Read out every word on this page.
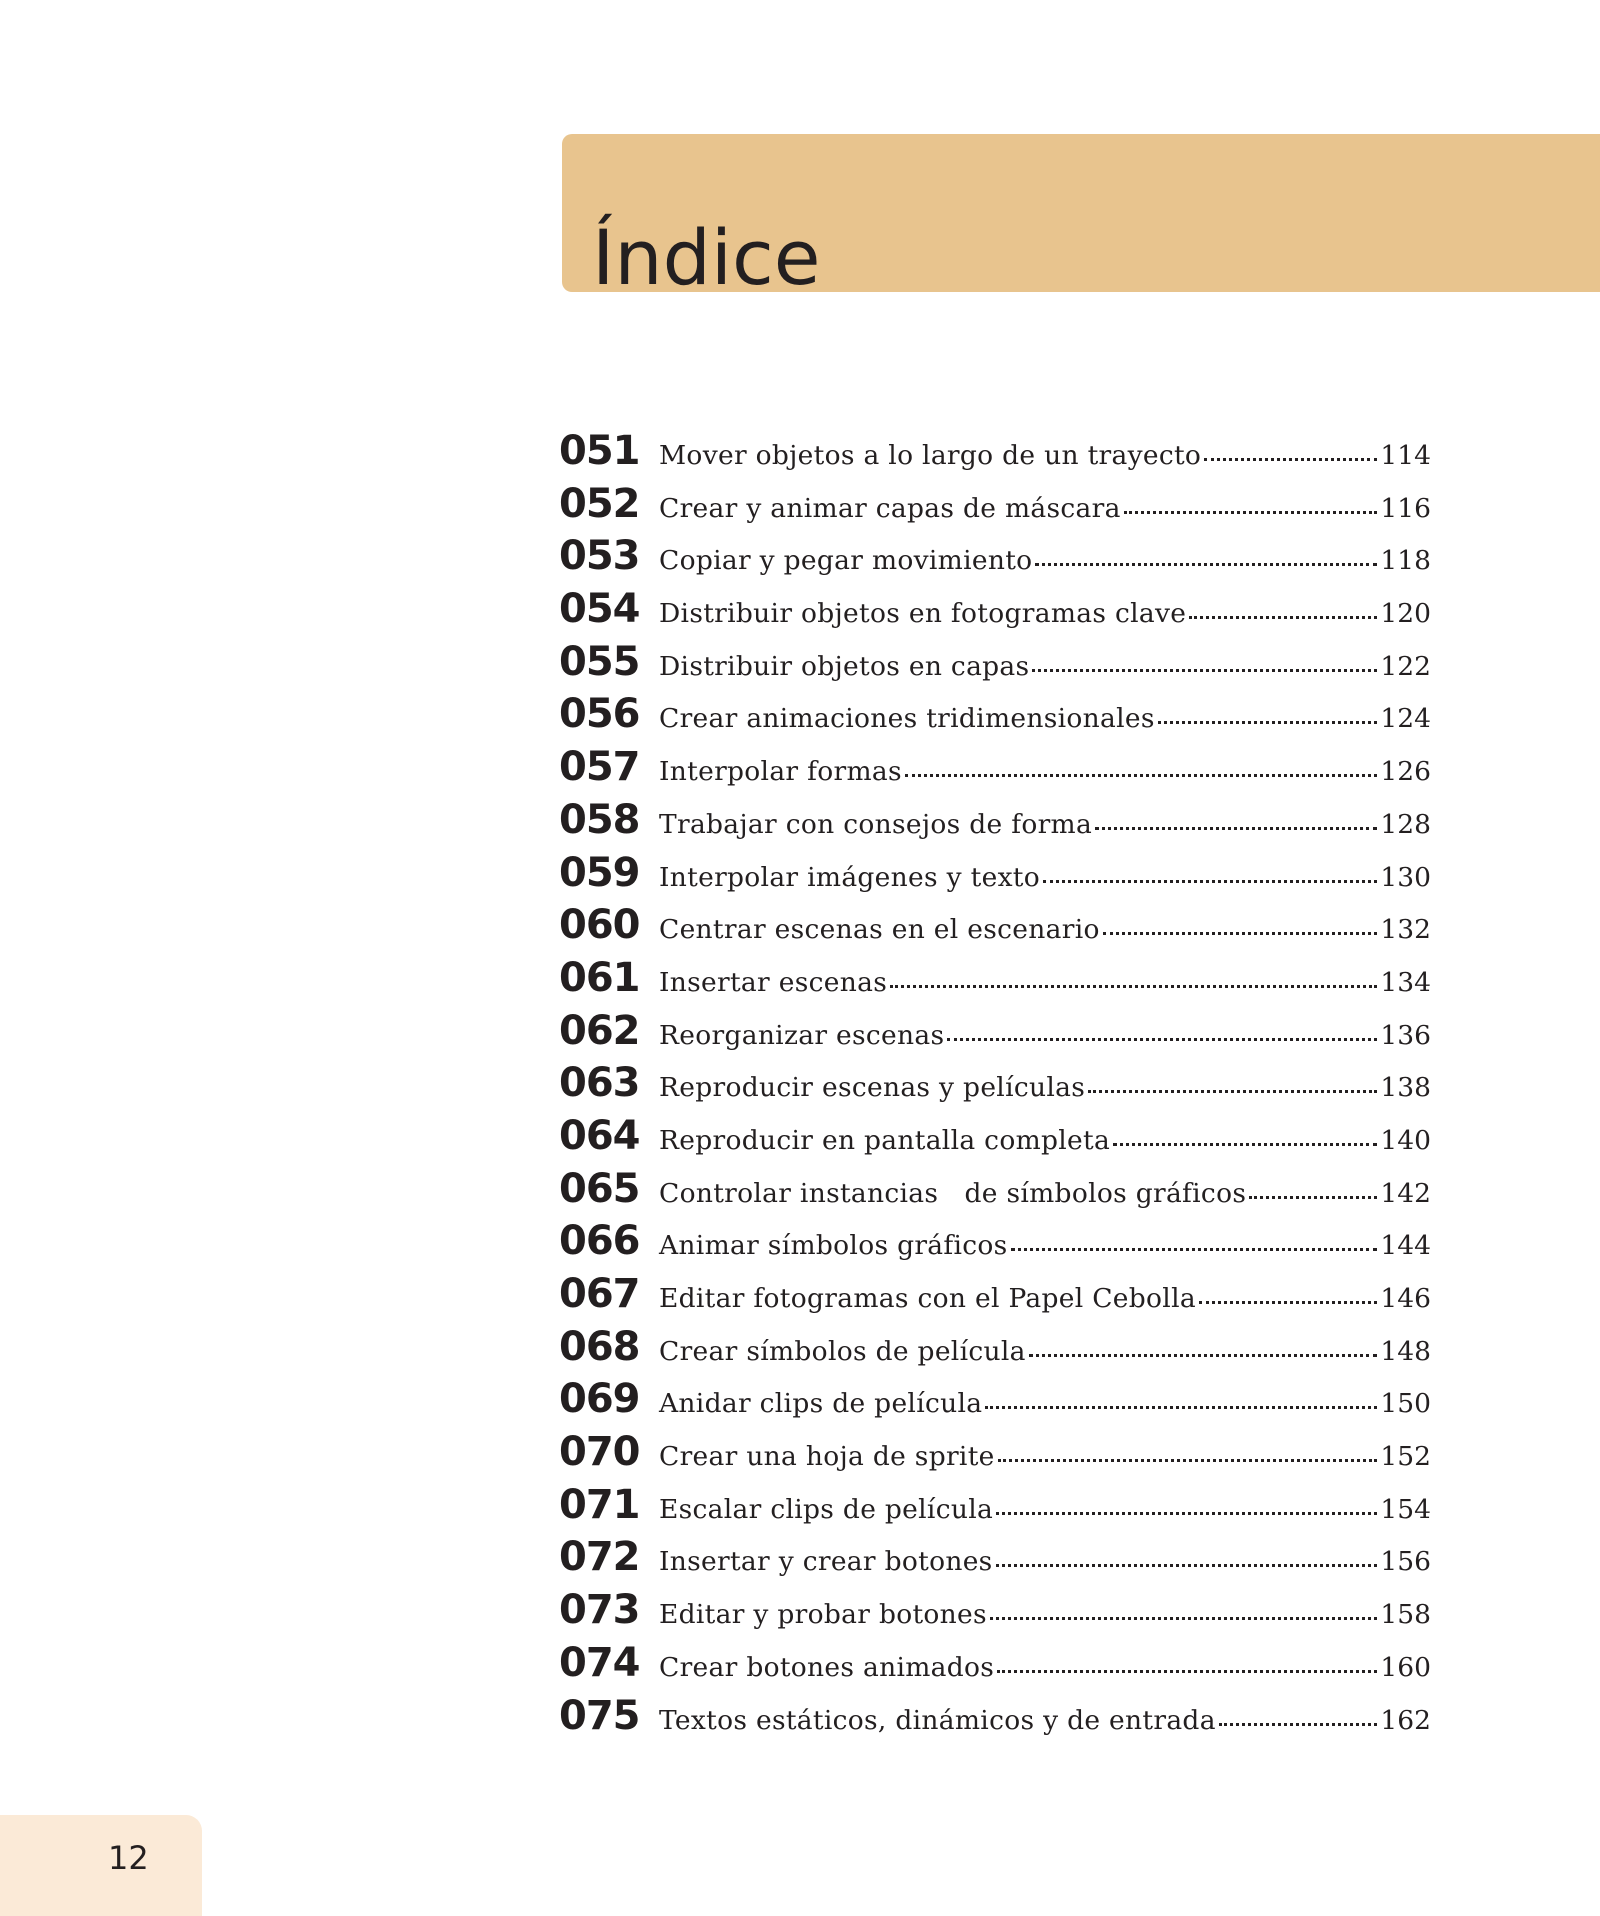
Índice
051 Mover objetos a lo largo de un trayecto	114
052 Crear y animar capas de máscara	116
053 Copiar y pegar movimiento	118
054 Distribuir objetos en fotogramas clave	120
055 Distribuir objetos en capas	122
056 Crear animaciones tridimensionales	124
057 Interpolar formas	126
058 Trabajar con consejos de forma	128
059 Interpolar imágenes y texto	130
060 Centrar escenas en el escenario	132
061 Insertar escenas	134
062 Reorganizar escenas	136
063 Reproducir escenas y películas	138
064 Reproducir en pantalla completa	140
065 Controlar instancias   de símbolos gráficos	142
066 Animar símbolos gráficos	144
067 Editar fotogramas con el Papel Cebolla	146
068 Crear símbolos de película	148
069 Anidar clips de película	150
070 Crear una hoja de sprite	152
071 Escalar clips de película	154
072 Insertar y crear botones	156
073 Editar y probar botones	158
074 Crear botones animados	160
075 Textos estáticos, dinámicos y de entrada	162
12
